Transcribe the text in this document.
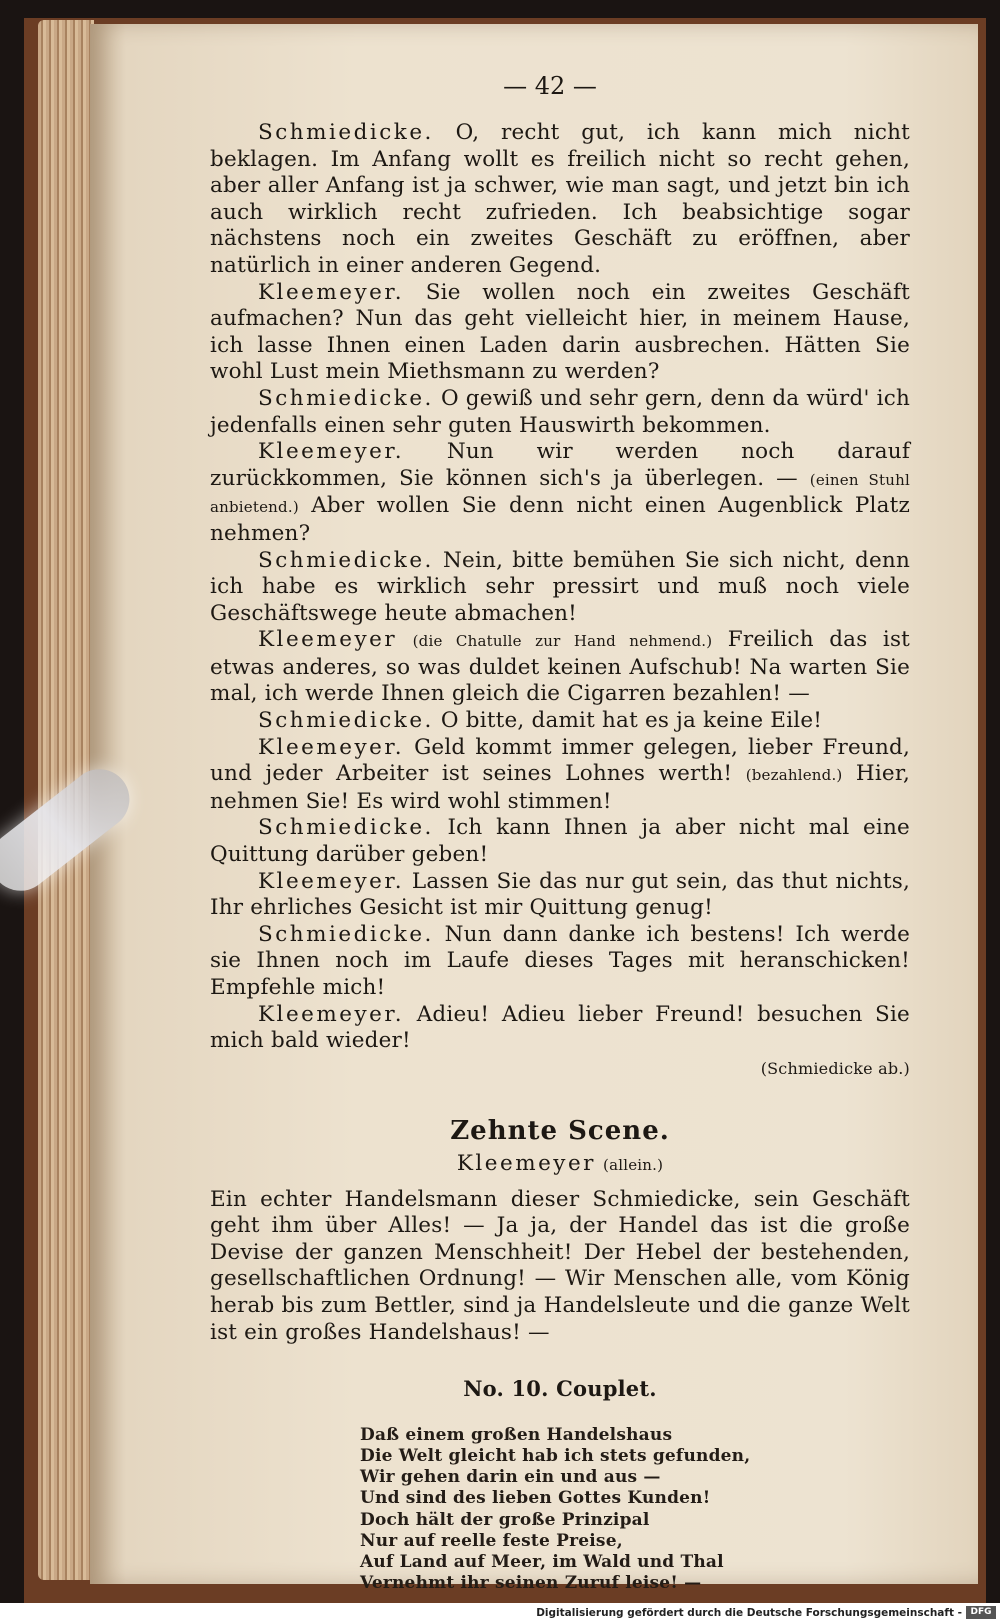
— 42 —

Schmiedicke. O, recht gut, ich kann mich nicht beklagen. Im Anfang wollt es freilich nicht so recht gehen, aber aller Anfang ist ja schwer, wie man sagt, und jetzt bin ich auch wirklich recht zufrieden. Ich beabsichtige sogar nächstens noch ein zweites Geschäft zu eröffnen, aber natürlich in einer anderen Gegend.

Kleemeyer. Sie wollen noch ein zweites Geschäft aufmachen? Nun das geht vielleicht hier, in meinem Hause, ich lasse Ihnen einen Laden darin ausbrechen. Hätten Sie wohl Lust mein Miethsmann zu werden?

Schmiedicke. O gewiß und sehr gern, denn da würd' ich jedenfalls einen sehr guten Hauswirth bekommen.

Kleemeyer. Nun wir werden noch darauf zurückkommen, Sie können sich's ja überlegen. — (einen Stuhl anbietend.) Aber wollen Sie denn nicht einen Augenblick Platz nehmen?

Schmiedicke. Nein, bitte bemühen Sie sich nicht, denn ich habe es wirklich sehr pressirt und muß noch viele Geschäftswege heute abmachen!

Kleemeyer (die Chatulle zur Hand nehmend.) Freilich das ist etwas anderes, so was duldet keinen Aufschub! Na warten Sie mal, ich werde Ihnen gleich die Cigarren bezahlen! —

Schmiedicke. O bitte, damit hat es ja keine Eile!

Kleemeyer. Geld kommt immer gelegen, lieber Freund, und jeder Arbeiter ist seines Lohnes werth! (bezahlend.) Hier, nehmen Sie! Es wird wohl stimmen!

Schmiedicke. Ich kann Ihnen ja aber nicht mal eine Quittung darüber geben!

Kleemeyer. Lassen Sie das nur gut sein, das thut nichts, Ihr ehrliches Gesicht ist mir Quittung genug!

Schmiedicke. Nun dann danke ich bestens! Ich werde sie Ihnen noch im Laufe dieses Tages mit heranschicken! Empfehle mich!

Kleemeyer. Adieu! Adieu lieber Freund! besuchen Sie mich bald wieder!

(Schmiedicke ab.)

Zehnte Scene.
Kleemeyer (allein.)

Ein echter Handelsmann dieser Schmiedicke, sein Geschäft geht ihm über Alles! — Ja ja, der Handel das ist die große Devise der ganzen Menschheit! Der Hebel der bestehenden, gesellschaftlichen Ordnung! — Wir Menschen alle, vom König herab bis zum Bettler, sind ja Handelsleute und die ganze Welt ist ein großes Handelshaus! —

No. 10. Couplet.
Daß einem großen Handelshaus
Die Welt gleicht hab ich stets gefunden,
Wir gehen darin ein und aus —
Und sind des lieben Gottes Kunden!
Doch hält der große Prinzipal
Nur auf reelle feste Preise,
Auf Land auf Meer, im Wald und Thal
Vernehmt ihr seinen Zuruf leise! —
Digitalisierung gefördert durch die Deutsche Forschungsgemeinschaft - DFG
